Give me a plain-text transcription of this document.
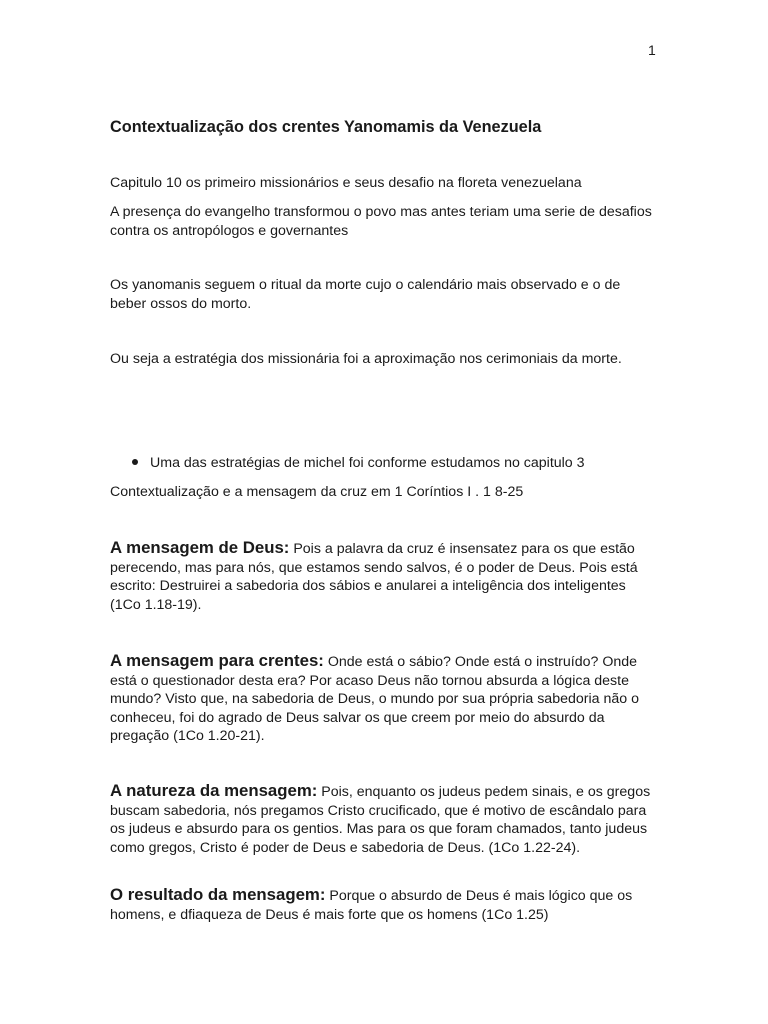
1
Contextualização dos crentes Yanomamis da Venezuela

Capitulo 10 os primeiro missionários e seus desafio na floreta venezuelana

A presença do evangelho transformou o povo mas antes teriam uma serie de desafios contra os antropólogos e governantes

Os yanomanis seguem o ritual da morte cujo o calendário mais observado e o de beber ossos do morto.

Ou seja a estratégia dos missionária foi a aproximação nos cerimoniais da morte.

Uma das estratégias de michel foi conforme estudamos no capitulo 3

Contextualização e a mensagem da cruz em 1 Coríntios I . 1 8-25

A mensagem de Deus: Pois a palavra da cruz é insensatez para os que estão perecendo, mas para nós, que estamos sendo salvos, é o poder de Deus. Pois está escrito: Destruirei a sabedoria dos sábios e anularei a inteligência dos inteligentes (1Co 1.18-19).

A mensagem para crentes: Onde está o sábio? Onde está o instruído? Onde está o questionador desta era? Por acaso Deus não tornou absurda a lógica deste mundo? Visto que, na sabedoria de Deus, o mundo por sua própria sabedoria não o conheceu, foi do agrado de Deus salvar os que creem por meio do absurdo da pregação (1Co 1.20-21).

A natureza da mensagem: Pois, enquanto os judeus pedem sinais, e os gregos buscam sabedoria, nós pregamos Cristo crucificado, que é motivo de escândalo para os judeus e absurdo para os gentios. Mas para os que foram chamados, tanto judeus como gregos, Cristo é poder de Deus e sabedoria de Deus. (1Co 1.22-24).

O resultado da mensagem: Porque o absurdo de Deus é mais lógico que os homens, e dfiaqueza de Deus é mais forte que os homens (1Co 1.25)
